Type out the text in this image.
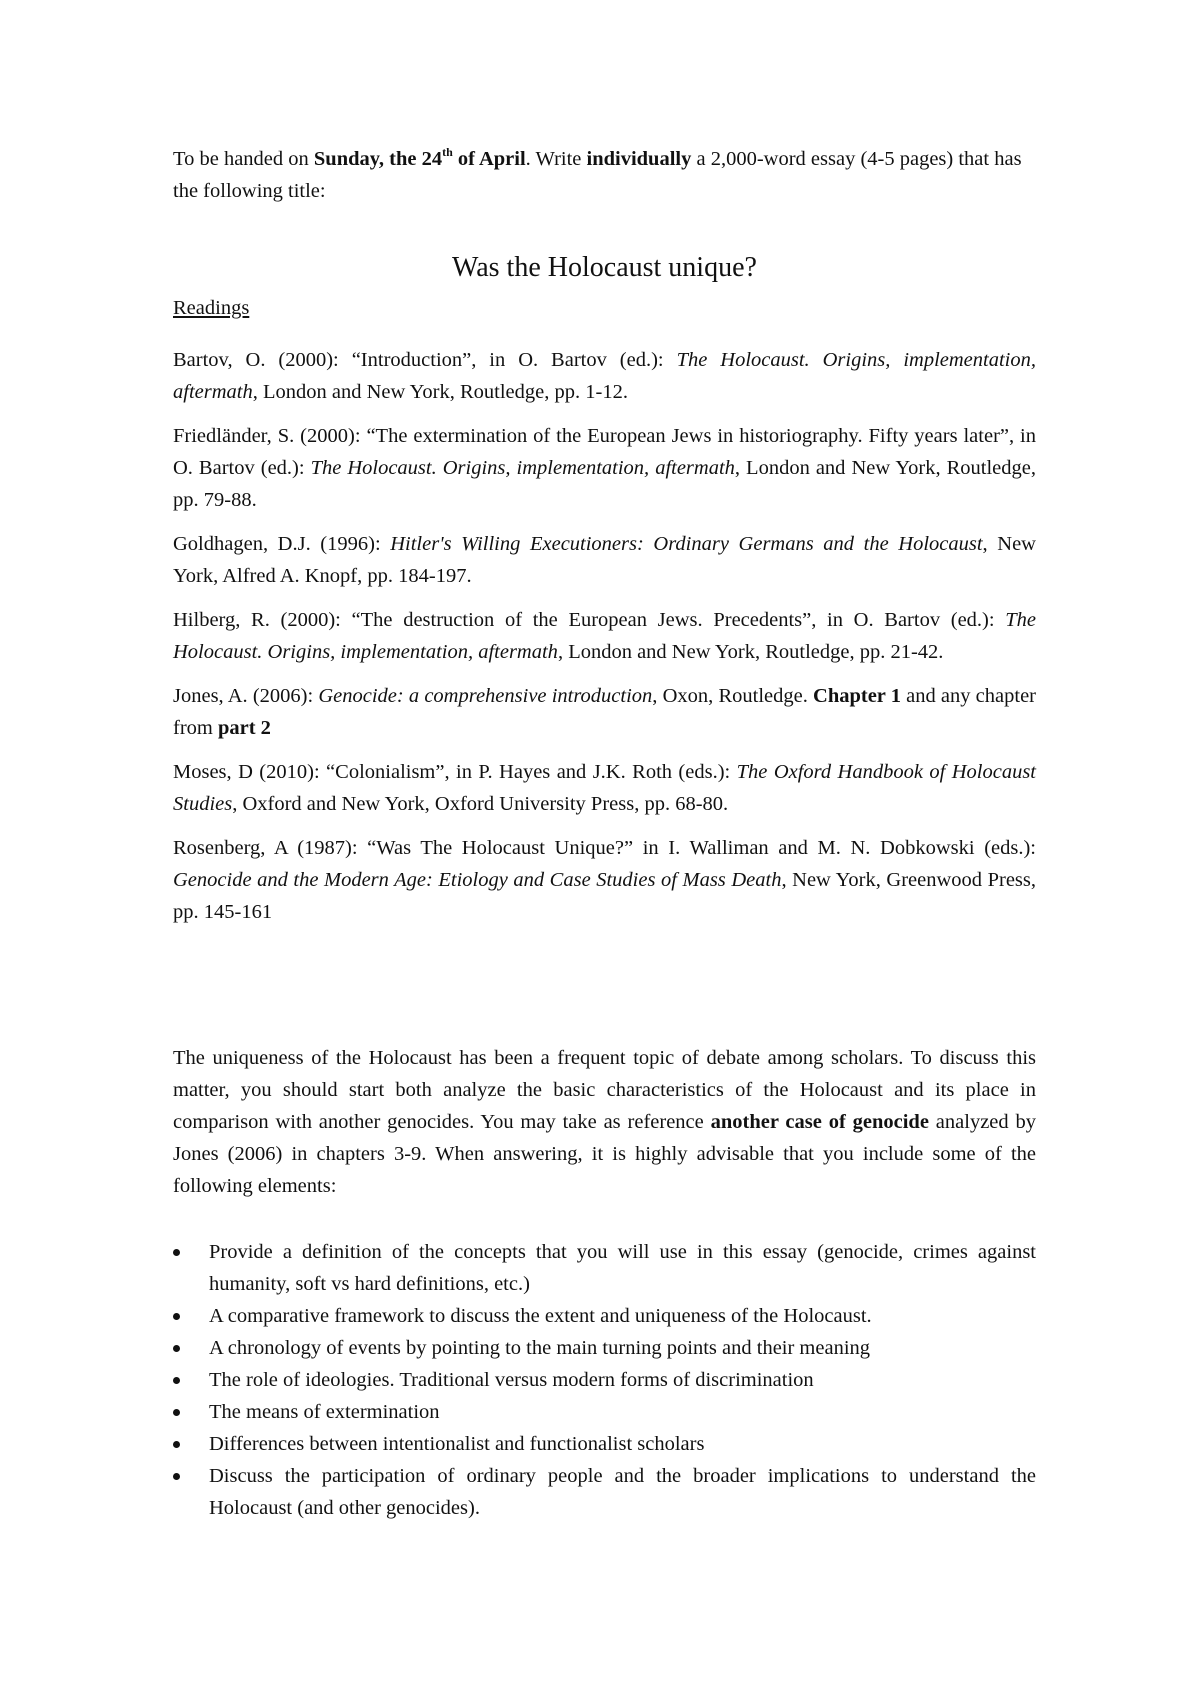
To be handed on Sunday, the 24th of April. Write individually a 2,000-word essay (4-5 pages) that has the following title:

Was the Holocaust unique?

Readings

Bartov, O. (2000): “Introduction”, in O. Bartov (ed.): The Holocaust. Origins, implementation, aftermath, London and New York, Routledge, pp. 1-12.

Friedländer, S. (2000): “The extermination of the European Jews in historiography. Fifty years later”, in O. Bartov (ed.): The Holocaust. Origins, implementation, aftermath, London and New York, Routledge, pp. 79-88.

Goldhagen, D.J. (1996): Hitler's Willing Executioners: Ordinary Germans and the Holocaust, New York, Alfred A. Knopf, pp. 184-197.

Hilberg, R. (2000): “The destruction of the European Jews. Precedents”, in O. Bartov (ed.): The Holocaust. Origins, implementation, aftermath, London and New York, Routledge, pp. 21-42.

Jones, A. (2006): Genocide: a comprehensive introduction, Oxon, Routledge. Chapter 1 and any chapter from part 2

Moses, D (2010): “Colonialism”, in P. Hayes and J.K. Roth (eds.): The Oxford Handbook of Holocaust Studies, Oxford and New York, Oxford University Press, pp. 68-80.

Rosenberg, A (1987): “Was The Holocaust Unique?” in I. Walliman and M. N. Dobkowski (eds.): Genocide and the Modern Age: Etiology and Case Studies of Mass Death, New York, Greenwood Press, pp. 145-161

The uniqueness of the Holocaust has been a frequent topic of debate among scholars. To discuss this matter, you should start both analyze the basic characteristics of the Holocaust and its place in comparison with another genocides. You may take as reference another case of genocide analyzed by Jones (2006) in chapters 3-9. When answering, it is highly advisable that you include some of the following elements:

Provide a definition of the concepts that you will use in this essay (genocide, crimes against humanity, soft vs hard definitions, etc.)
A comparative framework to discuss the extent and uniqueness of the Holocaust.
A chronology of events by pointing to the main turning points and their meaning
The role of ideologies. Traditional versus modern forms of discrimination
The means of extermination
Differences between intentionalist and functionalist scholars
Discuss the participation of ordinary people and the broader implications to understand the Holocaust (and other genocides).
